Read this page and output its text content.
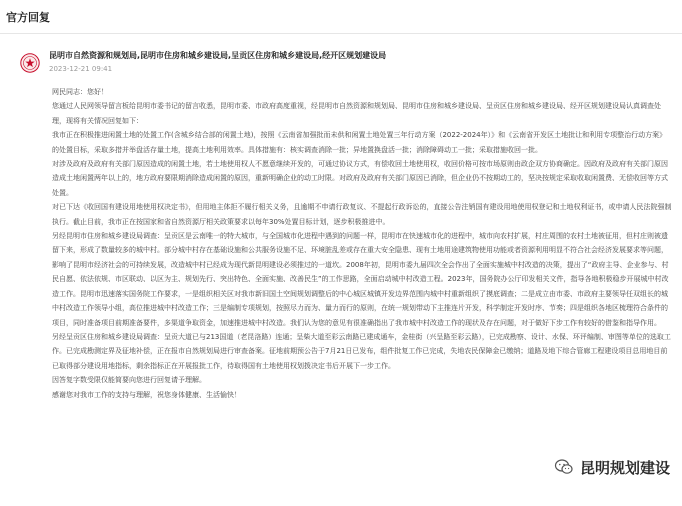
官方回复
昆明市自然资源和规划局,昆明市住房和城乡建设局,呈贡区住房和城乡建设局,经开区规划建设局
2023-12-21 09:41

网民同志：您好！

您通过人民网领导留言板给昆明市委书记的留言收悉，昆明市委、市政府高度重视，经昆明市自然资源和规划局、昆明市住房和城乡建设局、呈贡区住房和城乡建设局、经开区规划建设局认真调查处理，现将有关情况回复如下：

我市正在积极推进闲置土地的处置工作(含城乡结合部的闲置土地)，按照《云南省加强批而未供和闲置土地处置三年行动方案（2022-2024年）》和《云南省开发区土地批让和利用专项整治行动方案》的处置目标，采取多措并举盘活存量土地，提高土地利用效率。具体措施有：核实调查消除一批；异地置换盘活一批；消除障碍动工一批；采取措施收回一批。

对涉及政府及政府有关部门原因造成的闲置土地，若土地使用权人不愿意继续开发的，可通过协议方式，有偿收回土地使用权，收回价格可按市场原则由政企双方协商确定。因政府及政府有关部门原因造成土地闲置两年以上的，地方政府要限期消除造成闲置的原因，重新明确企业的动工时限。对政府及政府有关部门原因已消除，但企业仍不按期动工的，坚决按规定采取收取闲置费、无偿收回等方式处置。

对已下达《收回国有建设用地使用权决定书》，但用地主体拒不履行相关义务，且逾期不申请行政复议、不提起行政诉讼的，直接公告注销国有建设用地使用权登记和土地权利证书，或申请人民法院强制执行。截止目前，我市正在按国家和省自然资源厅相关政策要求以每年30%处置目标计划，逐步积极推进中。

另经昆明市住房和城乡建设局调查：呈贡区是云南唯一的特大城市，与全国城市化进程中遇到的问题一样，昆明市在快速城市化的进程中，城市向农村扩展，村庄周围的农村土地被征用，但村庄则被遗留下来，形成了数量较多的城中村。部分城中村存在基础设施和公共服务设施不足、环境脏乱差或存在重大安全隐患、现有土地用途建筑物使用功能或者资源利用明显不符合社会经济发展要求等问题，影响了昆明市经济社会的可持续发展，改造城中村已经成为现代新昆明建设必须推过的一道坎。2008年初，昆明市委九届四次全会作出了全面实施城中村改造的决策，提出了“政府主导、企业参与、村民自愿、依法依规、市区联动、以区为主、规划先行、突出特色、全面实施、改善民生”的工作思路，全面启动城中村改造工程。2023年，国务院办公厅印发相关文件，指导各地积极稳步开展城中村改造工作。昆明市迅速落实国务院工作要求，一是组织相关区对我市新旧国土空间规划调整后的中心城区城镇开发边界范围内城中村重新组织了摸底调查；二是成立由市委、市政府主要领导任双组长的城中村改造工作领导小组，高位推进城中村改造工作；三是编制专项规划，按照尽力而为、量力而行的原则，在统一规划带动下主推连片开发，科学制定开发时序、节奏；四是组织各地区梳理符合条件的项目，同时准备项目前期准备要件，多渠道争取资金，加速推进城中村改造。我们认为您的意见有很准确指出了我市城中村改造工作的现状及存在问题，对于做好下步工作有较好的借鉴和指导作用。

另经呈贡区住房和城乡建设局调查：呈贡大道已与213国道（老昆洛路）连通；呈柴大道至彩云南路已建成通车，金桂街（兴呈路至彩云路），已完成勘察、设计、水保、环评编制、审图等单位的选取工作。已完成勘测定界及征地补偿，正在报市自然规划局进行审查备案。征地前期预公告于7月21日已发布，组件批复工作已完成，失地农民保障金已缴纳；道路及地下综合管廊工程建设项目总用地目前已取得部分建设用地指标，剩余指标正在开展报批工作，待取得国有土地使用权划拨决定书后开展下一步工作。

因答复字数受限仅能简要向您进行回复请予理解。

感谢您对我市工作的支持与理解，祝您身体健康、生活愉快！

昆明规划建设
